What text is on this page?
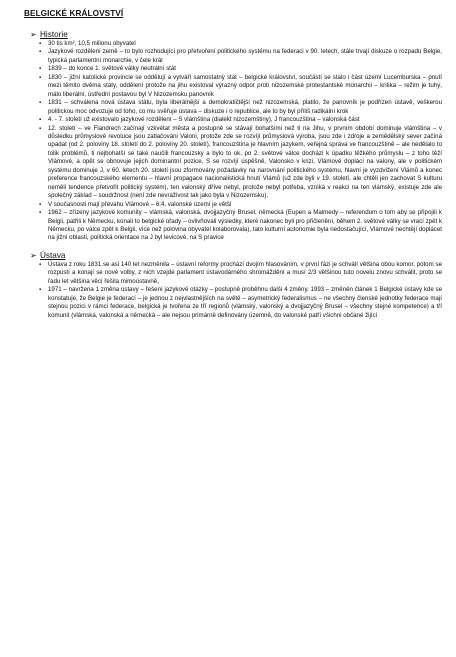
BELGICKÉ KRÁLOVSTVÍ
➢ Historie
▪ 30 tis km², 10,5 milionu obyvatel
▪ Jazykové rozdělení země – to bylo rozhodující pro přetvoření politického systému na federaci v 90. letech, stále trvají diskuze o rozpadu Belgie, typická parlamentní monarchie, v čele král
▪ 1839 – do konce 1. světové války neutrální stát
▪ 1830 – jižní katolické provincie se oddělují a vytváří samostatný stát – belgické království, součástí se stalo i část území Lucemburska – pnutí mezi těmito dvěma státy, oddělení protože na jihu existoval výrazný odpor proti nizozemské protestantské monarchii – kritika – režim je tuhý, málo liberální, ústřední postavou byl V Nizozemsku panovník
▪ 1831 – schválena nová ústava státu, byla liberálnější a demokratičtější než nizozemská, platilo, že panovník je podřízen ústavě, veškerou politickou moc odvozuje od toho, co mu svěřuje ústava – diskuze i o republice, ale to by byl příliš radikální krok
▪ 4. - 7. století už existovalo jazykové rozdělení – S vlámština (dialekt nizozemštiny), J francouzština – valonská část
▪ 12. století – ve Flandrech začínají vzkvétat města a postupně se stávají bohatšími než ti na Jihu, v prvním období dominuje vlámština – v důsledku průmyslové revoluce jsou zatlačováni Valoni, protože zde se rozvíjí průmyslová výroba, jsou zde i zdroje a zemědělský sever začíná upadat (od 2. poloviny 18. století do 2. poloviny 20. století), francouzština je hlavním jazykem, veřejná správa ve francouzštině – ale nedělalo to tolik problémů, ti nejbohatší se také naučili francouzsky a bylo to ok, po 2. světové válce dochází k úpadku těžkého průmyslu – z toho těží Vlámové, a opět se obnovuje jejich dominantní pozice, S se rozvíjí úspěšně, Valonsko v krizi, Vlámové doplácí na valony, ale v politickém systému dominuje J, v 60. letech 20. století jsou zformovány požadavky na narovnání politického systému, hlavní je vyzdvižení Vlámů a konec preference francouzského elementu – hlavní propagace nacionalistická hnutí Vlámů (už zde byli v 19. století, ale chtěli jen zachovat S kulturu neměli tendence přetvořit politický systém), ten valonský dříve nebyl, protože nebyl potřeba, vzniká v reakci na ten vlámský, existuje zde ale společný základ – soudržnost (není zde nevraživost tak jako byla v Nizozemsku),
▪ V současnosti mají převahu Vlámové – 6:4, valonské území je větší
▪ 1962 – zřízeny jazykové komunity – vlámská, valonská, dvojjazyčný Brusel, německá (Eupen a Malmedy – referendum o tom aby se připojili k Belgii, patřili k Německu, konali to belgické úřady – ovlivňovali výsledky, které nakonec byli pro přičlenění, během 2. světové války se vrací zpět k Německu, po válce zpět k Belgii, více než polovina obyvatel kolaborovala), tato kulturní autonomie byla nedostačující, Vlámové nechtějí doplácet na jižní oblasti, politická orientace na J byl levicové, na S pravice
➢ Ústava
▪ Ústava z roku 1831 se asi 140 let nezměnila – ústavní reformy prochází dvojím hlasováním, v první fázi je schválí většina obou komor, potom se rozpustí a konají se nové volby, z nich vzejde parlament ústavodárného shromáždění a musí 2/3 většinou tuto novelu znovu schválit, proto se řadu let většina věcí řešila mimoústavně,
▪ 1971 – navržena 1 změna ústavy – řešení jazykové otázky – postupně proběhnu další 4 změny, 1993 – změněn článek 1 Belgické ústavy kde se konstatuje, že Belgie je federací – je jednou z nejvlastnějších na světě – asymetrický federalismus – ne všechny členské jednotky federace mají stejnou pozici v rámci federace, belgická je tvořena ze tří regionů (vlámský, valonský a dvojjazyčný Brusel – všechny stejné kompetence) a tří komunit (vlámská, valonská a německá – ale nejsou primárně definovány územně, do valonské patří všichni občané žijící
